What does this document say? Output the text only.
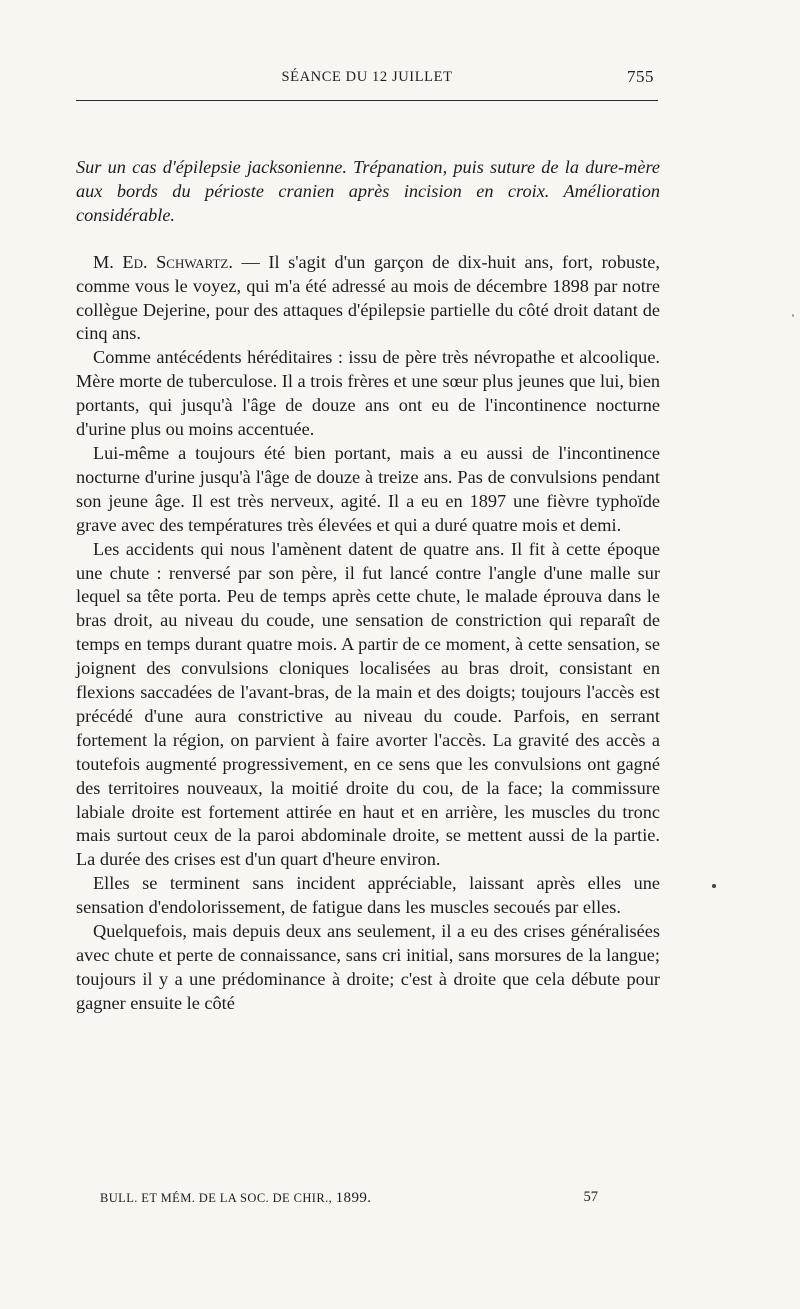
SÉANCE DU 12 JUILLET	755

Sur un cas d'épilepsie jacksonienne. Trépanation, puis suture de la dure-mère aux bords du périoste cranien après incision en croix. Amélioration considérable.

M. Ed. Schwartz. — Il s'agit d'un garçon de dix-huit ans, fort, robuste, comme vous le voyez, qui m'a été adressé au mois de décembre 1898 par notre collègue Dejerine, pour des attaques d'épilepsie partielle du côté droit datant de cinq ans.

Comme antécédents héréditaires : issu de père très névropathe et alcoolique. Mère morte de tuberculose. Il a trois frères et une sœur plus jeunes que lui, bien portants, qui jusqu'à l'âge de douze ans ont eu de l'incontinence nocturne d'urine plus ou moins accentuée.

Lui-même a toujours été bien portant, mais a eu aussi de l'incontinence nocturne d'urine jusqu'à l'âge de douze à treize ans. Pas de convulsions pendant son jeune âge. Il est très nerveux, agité. Il a eu en 1897 une fièvre typhoïde grave avec des températures très élevées et qui a duré quatre mois et demi.

Les accidents qui nous l'amènent datent de quatre ans. Il fit à cette époque une chute : renversé par son père, il fut lancé contre l'angle d'une malle sur lequel sa tête porta. Peu de temps après cette chute, le malade éprouva dans le bras droit, au niveau du coude, une sensation de constriction qui reparaît de temps en temps durant quatre mois. A partir de ce moment, à cette sensation, se joignent des convulsions cloniques localisées au bras droit, consistant en flexions saccadées de l'avant-bras, de la main et des doigts; toujours l'accès est précédé d'une aura constrictive au niveau du coude. Parfois, en serrant fortement la région, on parvient à faire avorter l'accès. La gravité des accès a toutefois augmenté progressivement, en ce sens que les convulsions ont gagné des territoires nouveaux, la moitié droite du cou, de la face; la commissure labiale droite est fortement attirée en haut et en arrière, les muscles du tronc mais surtout ceux de la paroi abdominale droite, se mettent aussi de la partie. La durée des crises est d'un quart d'heure environ.

Elles se terminent sans incident appréciable, laissant après elles une sensation d'endolorissement, de fatigue dans les muscles secoués par elles.

Quelquefois, mais depuis deux ans seulement, il a eu des crises généralisées avec chute et perte de connaissance, sans cri initial, sans morsures de la langue; toujours il y a une prédominance à droite; c'est à droite que cela débute pour gagner ensuite le côté

BULL. ET MÉM. DE LA SOC. DE CHIR., 1899.	57
